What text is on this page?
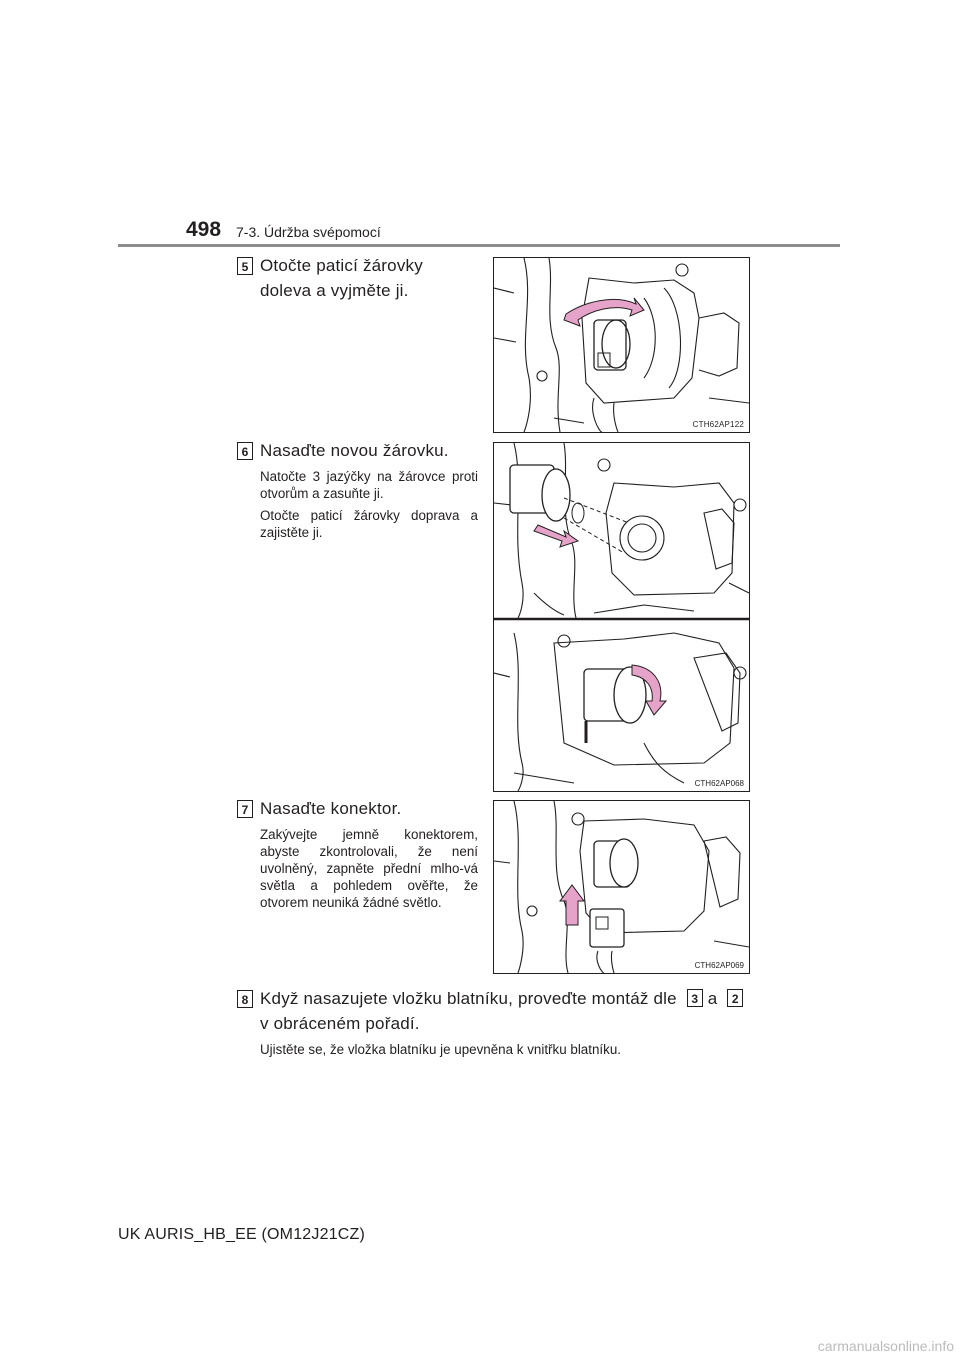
498 7-3. Údržba svépomocí
5 Otočte paticí žárovky doleva a vyjměte ji.
CTH62AP122
6 Nasaďte novou žárovku.
Natočte 3 jazýčky na žárovce proti otvorům a zasuňte ji.
Otočte paticí žárovky doprava a zajistěte ji.
CTH62AP068
7 Nasaďte konektor.
Zakývejte jemně konektorem, abyste zkontrolovali, že není uvolněný, zapněte přední mlho-vá světla a pohledem ověřte, že otvorem neuniká žádné světlo.
CTH62AP069
8 Když nasazujete vložku blatníku, proveďte montáž dle 3 a 2
v obráceném pořadí.
Ujistěte se, že vložka blatníku je upevněna k vnitřku blatníku.
UK AURIS_HB_EE (OM12J21CZ)
carmanualsonline.info
